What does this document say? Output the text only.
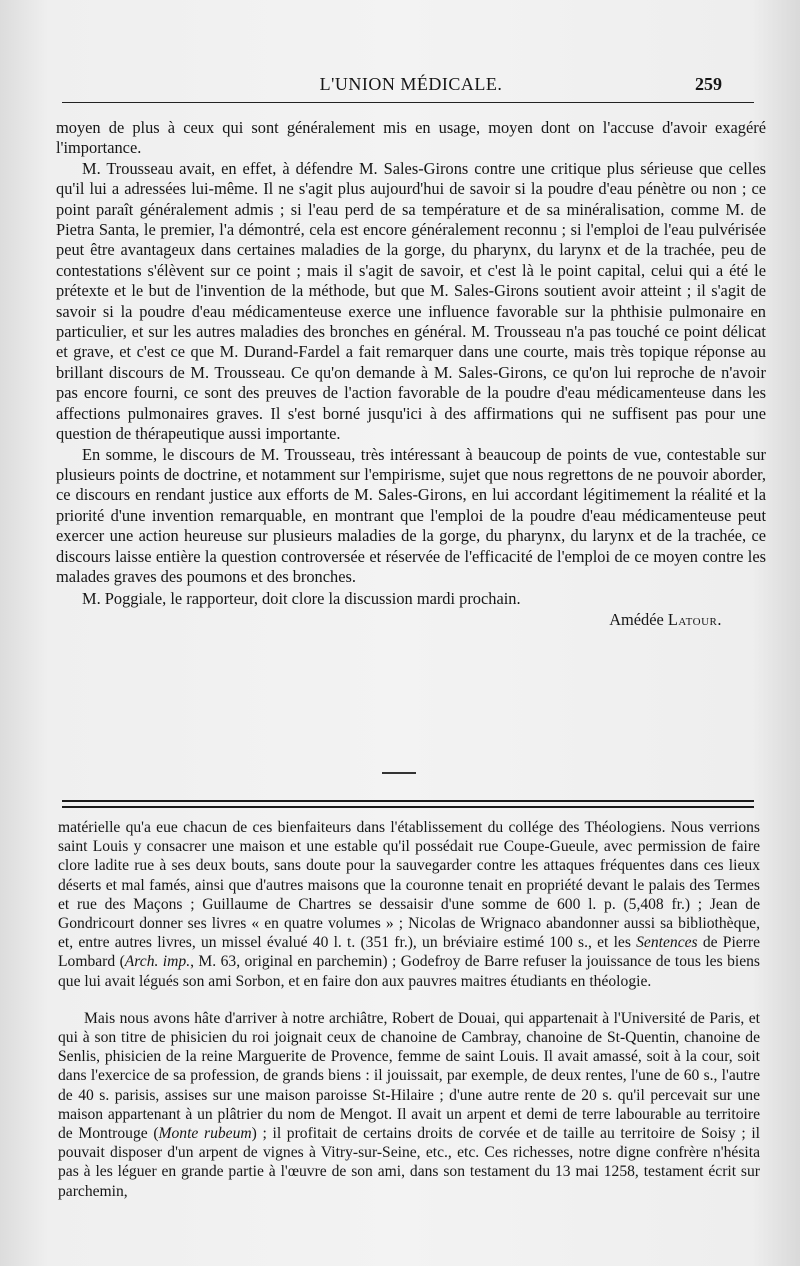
L'UNION MÉDICALE.	259

moyen de plus à ceux qui sont généralement mis en usage, moyen dont on l'accuse d'avoir exagéré l'importance.

M. Trousseau avait, en effet, à défendre M. Sales-Girons contre une critique plus sérieuse que celles qu'il lui a adressées lui-même. Il ne s'agit plus aujourd'hui de savoir si la poudre d'eau pénètre ou non ; ce point paraît généralement admis ; si l'eau perd de sa température et de sa minéralisation, comme M. de Pietra Santa, le premier, l'a démontré, cela est encore généralement reconnu ; si l'emploi de l'eau pulvérisée peut être avantageux dans certaines maladies de la gorge, du pharynx, du larynx et de la trachée, peu de contestations s'élèvent sur ce point ; mais il s'agit de savoir, et c'est là le point capital, celui qui a été le prétexte et le but de l'invention de la méthode, but que M. Sales-Girons soutient avoir atteint ; il s'agit de savoir si la poudre d'eau médicamenteuse exerce une influence favorable sur la phthisie pulmonaire en particulier, et sur les autres maladies des bronches en général. M. Trousseau n'a pas touché ce point délicat et grave, et c'est ce que M. Durand-Fardel a fait remarquer dans une courte, mais très topique réponse au brillant discours de M. Trousseau. Ce qu'on demande à M. Sales-Girons, ce qu'on lui reproche de n'avoir pas encore fourni, ce sont des preuves de l'action favorable de la poudre d'eau médicamenteuse dans les affections pulmonaires graves. Il s'est borné jusqu'ici à des affirmations qui ne suffisent pas pour une question de thérapeutique aussi importante.

En somme, le discours de M. Trousseau, très intéressant à beaucoup de points de vue, contestable sur plusieurs points de doctrine, et notamment sur l'empirisme, sujet que nous regrettons de ne pouvoir aborder, ce discours en rendant justice aux efforts de M. Sales-Girons, en lui accordant légitimement la réalité et la priorité d'une invention remarquable, en montrant que l'emploi de la poudre d'eau médicamenteuse peut exercer une action heureuse sur plusieurs maladies de la gorge, du pharynx, du larynx et de la trachée, ce discours laisse entière la question controversée et réservée de l'efficacité de l'emploi de ce moyen contre les malades graves des poumons et des bronches.

M. Poggiale, le rapporteur, doit clore la discussion mardi prochain.

Amédée Latour.

matérielle qu'a eue chacun de ces bienfaiteurs dans l'établissement du collége des Théologiens. Nous verrions saint Louis y consacrer une maison et une estable qu'il possédait rue Coupe-Gueule, avec permission de faire clore ladite rue à ses deux bouts, sans doute pour la sauvegarder contre les attaques fréquentes dans ces lieux déserts et mal famés, ainsi que d'autres maisons que la couronne tenait en propriété devant le palais des Termes et rue des Maçons ; Guillaume de Chartres se dessaisir d'une somme de 600 l. p. (5,408 fr.) ; Jean de Gondricourt donner ses livres « en quatre volumes » ; Nicolas de Wrignaco abandonner aussi sa bibliothèque, et, entre autres livres, un missel évalué 40 l. t. (351 fr.), un bréviaire estimé 100 s., et les Sentences de Pierre Lombard (Arch. imp., M. 63, original en parchemin) ; Godefroy de Barre refuser la jouissance de tous les biens que lui avait légués son ami Sorbon, et en faire don aux pauvres maitres étudiants en théologie.

Mais nous avons hâte d'arriver à notre archiâtre, Robert de Douai, qui appartenait à l'Université de Paris, et qui à son titre de phisicien du roi joignait ceux de chanoine de Cambray, chanoine de St-Quentin, chanoine de Senlis, phisicien de la reine Marguerite de Provence, femme de saint Louis. Il avait amassé, soit à la cour, soit dans l'exercice de sa profession, de grands biens : il jouissait, par exemple, de deux rentes, l'une de 60 s., l'autre de 40 s. parisis, assises sur une maison paroisse St-Hilaire ; d'une autre rente de 20 s. qu'il percevait sur une maison appartenant à un plâtrier du nom de Mengot. Il avait un arpent et demi de terre labourable au territoire de Montrouge (Monte rubeum) ; il profitait de certains droits de corvée et de taille au territoire de Soisy ; il pouvait disposer d'un arpent de vignes à Vitry-sur-Seine, etc., etc. Ces richesses, notre digne confrère n'hésita pas à les léguer en grande partie à l'œuvre de son ami, dans son testament du 13 mai 1258, testament écrit sur parchemin,
